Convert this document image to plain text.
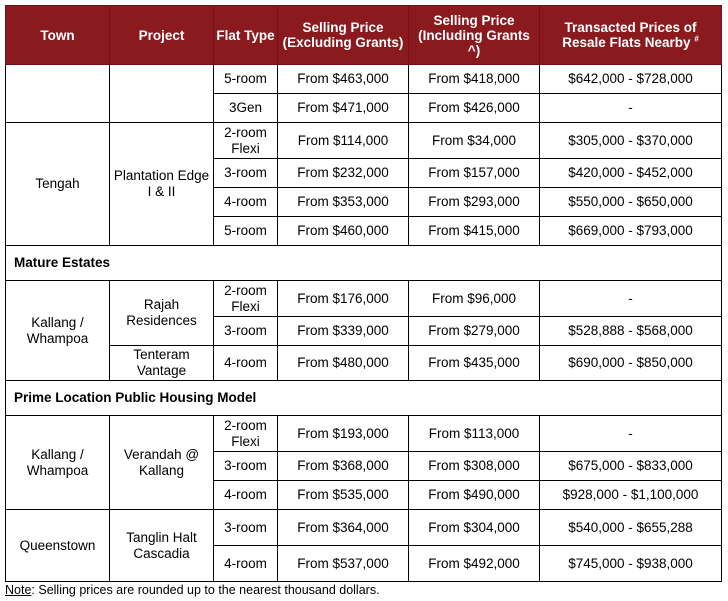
Town	Project	Flat Type	Selling Price (Excluding Grants)	Selling Price (Including Grants ^)	Transacted Prices of Resale Flats Nearby #
		5-room	From $463,000	From $418,000	$642,000 - $728,000
		3Gen	From $471,000	From $426,000	-
Tengah	Plantation Edge I & II	2-room Flexi	From $114,000	From $34,000	$305,000 - $370,000
		3-room	From $232,000	From $157,000	$420,000 - $452,000
		4-room	From $353,000	From $293,000	$550,000 - $650,000
		5-room	From $460,000	From $415,000	$669,000 - $793,000
Mature Estates					
Kallang / Whampoa	Rajah Residences	2-room Flexi	From $176,000	From $96,000	-
		3-room	From $339,000	From $279,000	$528,888 - $568,000
	Tenteram Vantage	4-room	From $480,000	From $435,000	$690,000 - $850,000
Prime Location Public Housing Model					
Kallang / Whampoa	Verandah @ Kallang	2-room Flexi	From $193,000	From $113,000	-
		3-room	From $368,000	From $308,000	$675,000 - $833,000
		4-room	From $535,000	From $490,000	$928,000 - $1,100,000
Queenstown	Tanglin Halt Cascadia	3-room	From $364,000	From $304,000	$540,000 - $655,288
		4-room	From $537,000	From $492,000	$745,000 - $938,000
Note: Selling prices are rounded up to the nearest thousand dollars.
